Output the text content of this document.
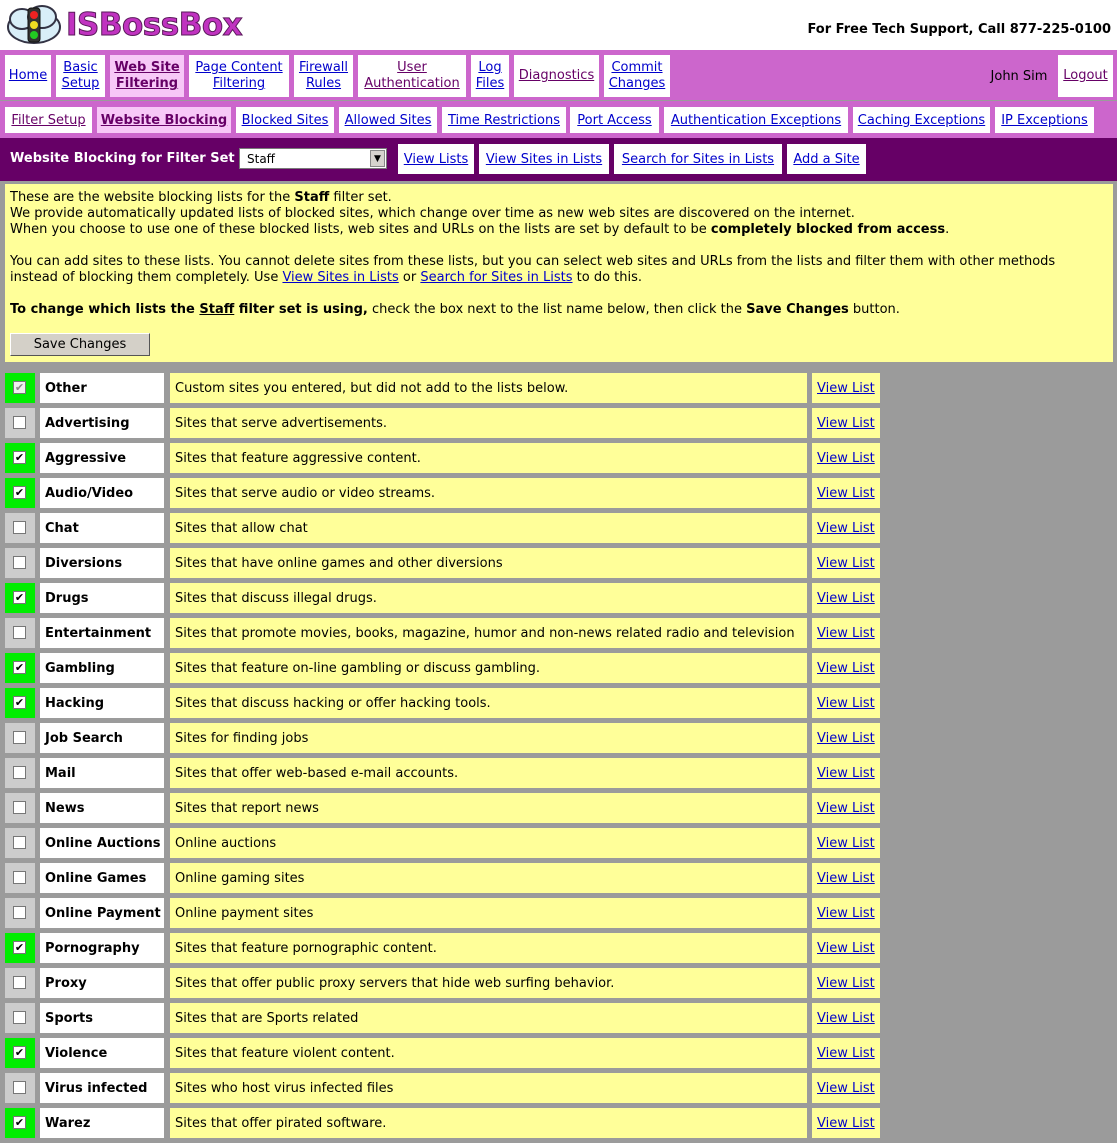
ISBossBox	For Free Tech Support, Call 877-225-0100
Home
Basic
Setup
Web Site
Filtering
Page Content
Filtering
Firewall
Rules
User
Authentication
Log
Files
Diagnostics
Commit
Changes	John Sim	Logout
Filter Setup Website Blocking Blocked Sites Allowed Sites Time Restrictions Port Access Authentication Exceptions Caching Exceptions IP Exceptions
Website Blocking for Filter Set Staff	▼	View Lists View Sites in Lists Search for Sites in Lists Add a Site

These are the website blocking lists for the Staff filter set.

We provide automatically updated lists of blocked sites, which change over time as new web sites are discovered on the internet.

When you choose to use one of these blocked lists, web sites and URLs on the lists are set by default to be completely blocked from access.

You can add sites to these lists. You cannot delete sites from these lists, but you can select web sites and URLs from the lists and filter them with other methods

instead of blocking them completely. Use View Sites in Lists or Search for Sites in Lists to do this.

To change which lists the Staff filter set is using, check the box next to the list name below, then click the Save Changes button.

Save Changes
✔	Other	Custom sites you entered, but did not add to the lists below.	View List
Advertising	Sites that serve advertisements.	View List
✔	Aggressive	Sites that feature aggressive content.	View List
✔	Audio/Video	Sites that serve audio or video streams.	View List
Chat	Sites that allow chat	View List
Diversions	Sites that have online games and other diversions	View List
✔	Drugs	Sites that discuss illegal drugs.	View List
Entertainment	Sites that promote movies, books, magazine, humor and non-news related radio and television	View List
✔	Gambling	Sites that feature on-line gambling or discuss gambling.	View List
✔	Hacking	Sites that discuss hacking or offer hacking tools.	View List
Job Search	Sites for finding jobs	View List
Mail	Sites that offer web-based e-mail accounts.	View List
News	Sites that report news	View List
Online Auctions	Online auctions	View List
Online Games	Online gaming sites	View List
Online Payment	Online payment sites	View List
✔	Pornography	Sites that feature pornographic content.	View List
Proxy	Sites that offer public proxy servers that hide web surfing behavior.	View List
Sports	Sites that are Sports related	View List
✔	Violence	Sites that feature violent content.	View List
Virus infected	Sites who host virus infected files	View List
✔	Warez	Sites that offer pirated software.	View List
